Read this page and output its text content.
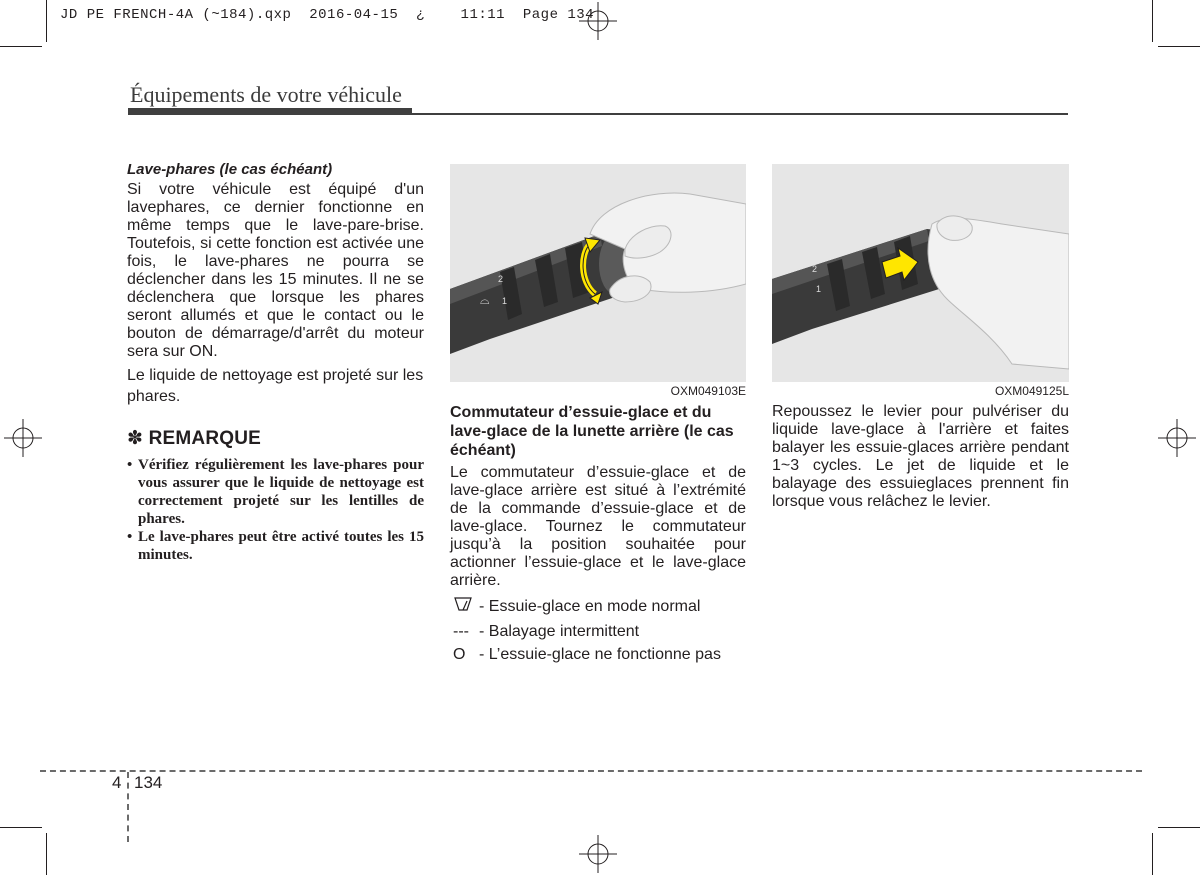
JD PE FRENCH-4A (~184).qxp  2016-04-15  ¿    11:11  Page 134
Équipements de votre véhicule

Lave-phares (le cas échéant)

Si votre véhicule est équipé d'un lavephares, ce dernier fonctionne en même temps que le lave-pare-brise. Toutefois, si cette fonction est activée une fois, le lave-phares ne pourra se déclencher dans les 15 minutes. Il ne se déclenchera que lorsque les phares seront allumés et que le contact ou le bouton de démarrage/d'arrêt du moteur sera sur ON.

Le liquide de nettoyage est projeté sur les phares.

✽ REMARQUE
• Vérifiez régulièrement les lave-phares pour vous assurer que le liquide de nettoyage est correctement projeté sur les lentilles de phares.
• Le lave-phares peut être activé toutes les 15 minutes.
2
1
⌓
OXM049103E
2
1
OXM049125L

Commutateur d’essuie-glace et du lave-glace de la lunette arrière (le cas échéant)

Le commutateur d’essuie-glace et de lave-glace arrière est situé à l’extrémité de la commande d’essuie-glace et de lave-glace. Tournez le commutateur jusqu’à la position souhaitée pour actionner l’essuie-glace et le lave-glace arrière.

- Essuie-glace en mode normal
--- - Balayage intermittent
O - L’essuie-glace ne fonctionne pas

Repoussez le levier pour pulvériser du liquide lave-glace à l'arrière et faites balayer les essuie-glaces arrière pendant 1~3 cycles. Le jet de liquide et le balayage des essuieglaces prennent fin lorsque vous relâchez le levier.

4 134
